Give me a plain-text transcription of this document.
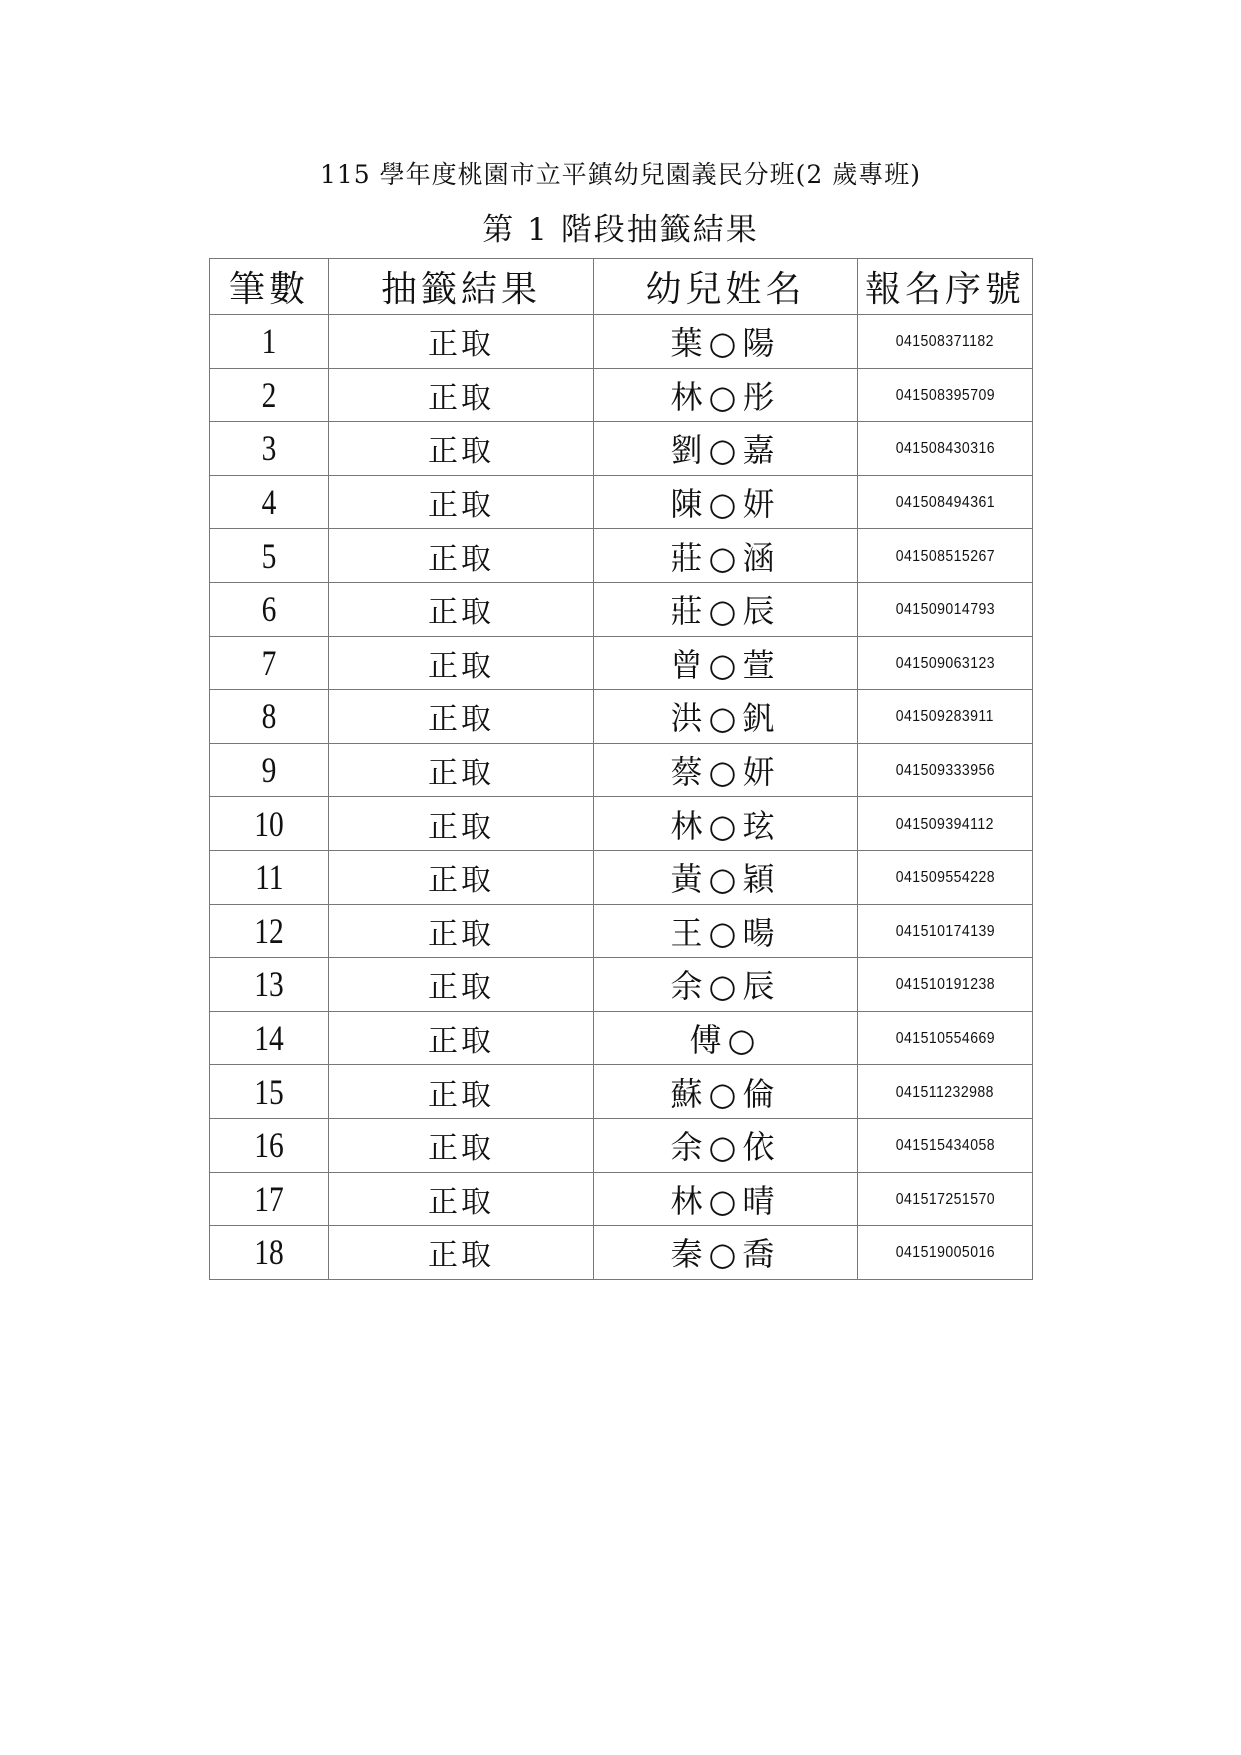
115 學年度桃園市立平鎮幼兒園義民分班(2 歲專班)
第 1 階段抽籤結果
筆數	抽籤結果	幼兒姓名	報名序號
1	正取	葉○陽	041508371182
2	正取	林○彤	041508395709
3	正取	劉○嘉	041508430316
4	正取	陳○妍	041508494361
5	正取	莊○涵	041508515267
6	正取	莊○辰	041509014793
7	正取	曾○萱	041509063123
8	正取	洪○釩	041509283911
9	正取	蔡○妍	041509333956
10	正取	林○玹	041509394112
11	正取	黃○穎	041509554228
12	正取	王○暘	041510174139
13	正取	余○辰	041510191238
14	正取	傅○	041510554669
15	正取	蘇○倫	041511232988
16	正取	余○依	041515434058
17	正取	林○晴	041517251570
18	正取	秦○喬	041519005016
